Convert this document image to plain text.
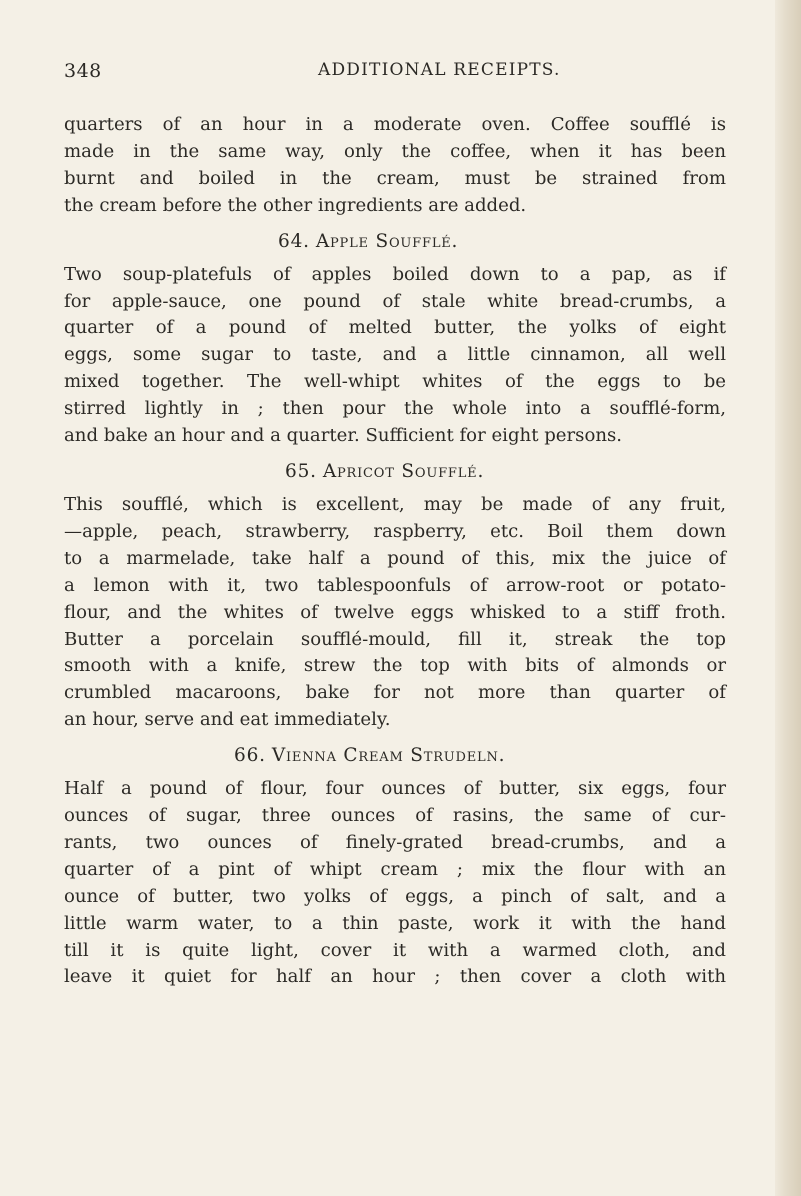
348	ADDITIONAL RECEIPTS.

quarters of an hour in a moderate oven. Coffee soufflé is
made in the same way, only the coffee, when it has been
burnt and boiled in the cream, must be strained from
the cream before the other ingredients are added.

64. Apple Soufflé.

Two soup-platefuls of apples boiled down to a pap, as if
for apple-sauce, one pound of stale white bread-crumbs, a
quarter of a pound of melted butter, the yolks of eight
eggs, some sugar to taste, and a little cinnamon, all well
mixed together. The well-whipt whites of the eggs to be
stirred lightly in ; then pour the whole into a soufflé-form,
and bake an hour and a quarter. Sufficient for eight persons.

65. Apricot Soufflé.

This soufflé, which is excellent, may be made of any fruit,
—apple, peach, strawberry, raspberry, etc. Boil them down
to a marmelade, take half a pound of this, mix the juice of
a lemon with it, two tablespoonfuls of arrow-root or potato-
flour, and the whites of twelve eggs whisked to a stiff froth.
Butter a porcelain soufflé-mould, fill it, streak the top
smooth with a knife, strew the top with bits of almonds or
crumbled macaroons, bake for not more than quarter of
an hour, serve and eat immediately.

66. Vienna Cream Strudeln.

Half a pound of flour, four ounces of butter, six eggs, four
ounces of sugar, three ounces of rasins, the same of cur-
rants, two ounces of finely-grated bread-crumbs, and a
quarter of a pint of whipt cream ; mix the flour with an
ounce of butter, two yolks of eggs, a pinch of salt, and a
little warm water, to a thin paste, work it with the hand
till it is quite light, cover it with a warmed cloth, and
leave it quiet for half an hour ; then cover a cloth with
